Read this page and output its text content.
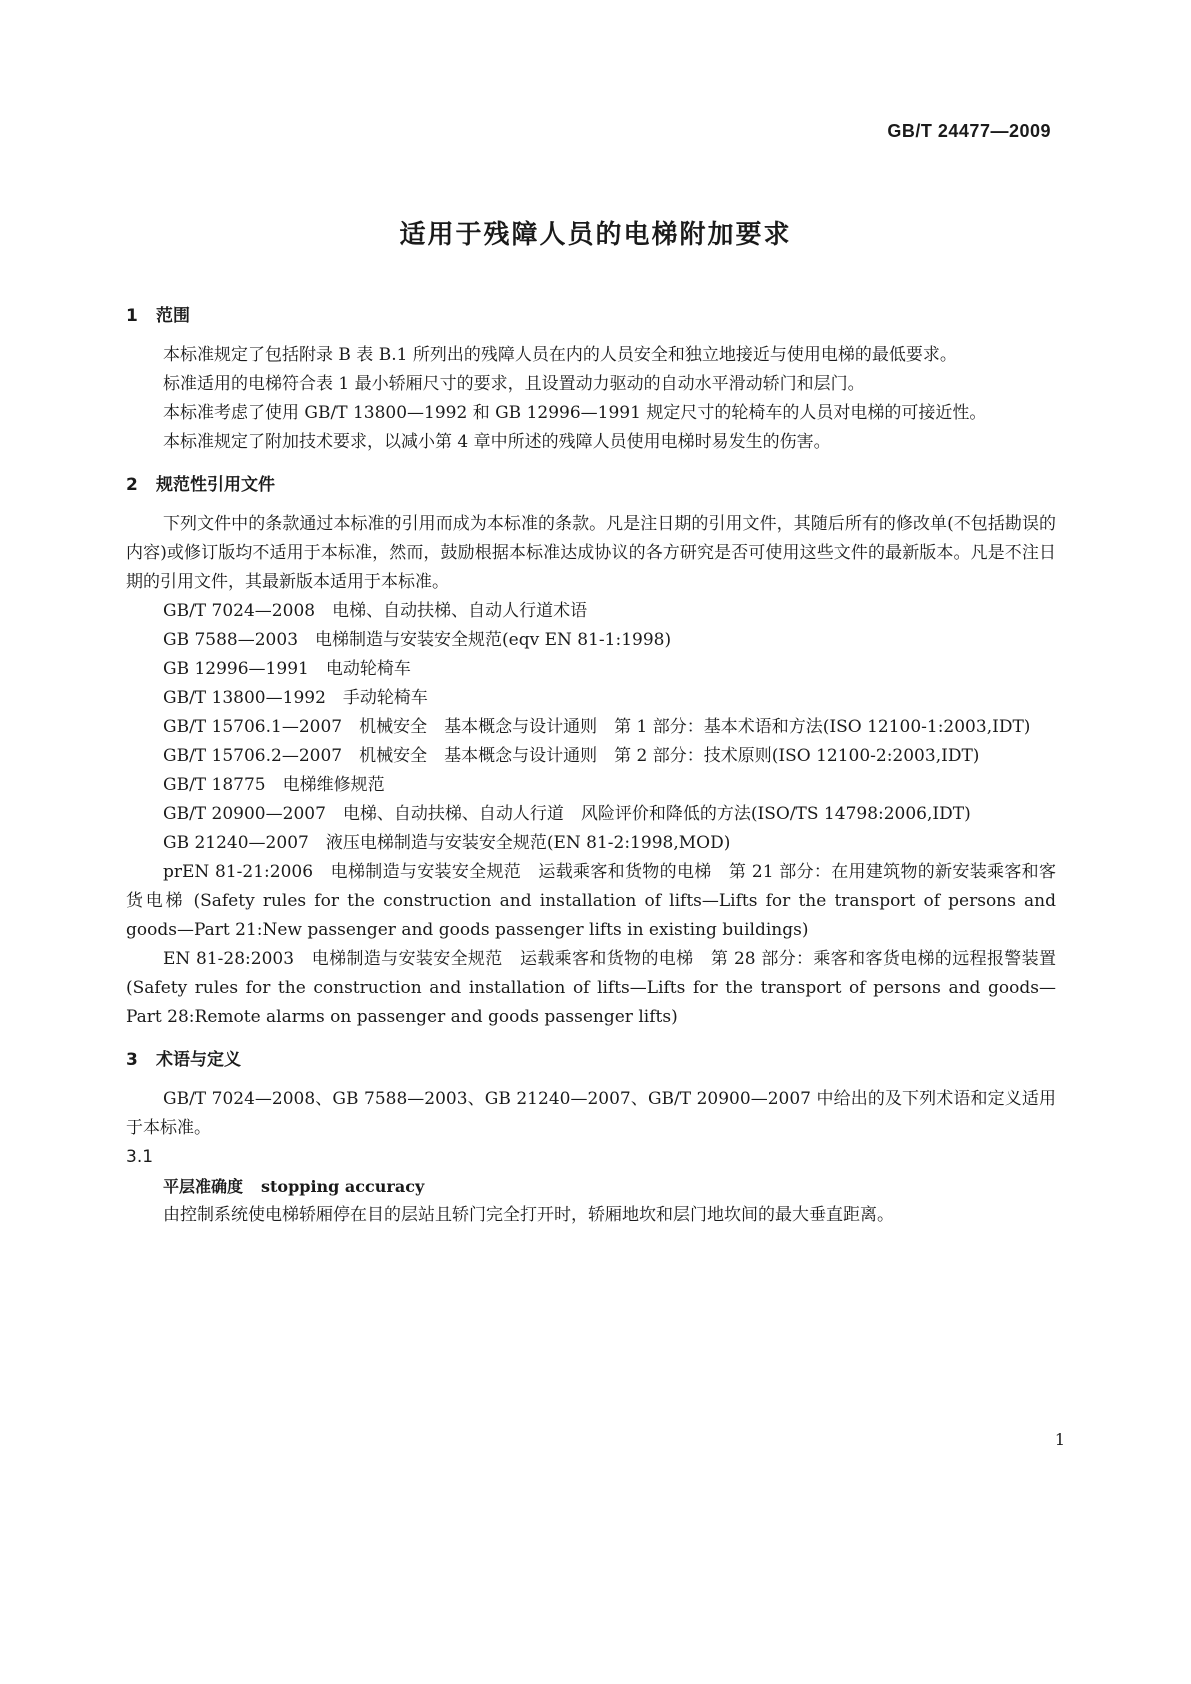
GB/T 24477—2009
适用于残障人员的电梯附加要求
1 范围

本标准规定了包括附录 B 表 B.1 所列出的残障人员在内的人员安全和独立地接近与使用电梯的最低要求。

标准适用的电梯符合表 1 最小轿厢尺寸的要求，且设置动力驱动的自动水平滑动轿门和层门。

本标准考虑了使用 GB/T 13800—1992 和 GB 12996—1991 规定尺寸的轮椅车的人员对电梯的可接近性。

本标准规定了附加技术要求，以减小第 4 章中所述的残障人员使用电梯时易发生的伤害。

2 规范性引用文件

下列文件中的条款通过本标准的引用而成为本标准的条款。凡是注日期的引用文件，其随后所有的修改单(不包括勘误的内容)或修订版均不适用于本标准，然而，鼓励根据本标准达成协议的各方研究是否可使用这些文件的最新版本。凡是不注日期的引用文件，其最新版本适用于本标准。

GB/T 7024—2008　电梯、自动扶梯、自动人行道术语

GB 7588—2003　电梯制造与安装安全规范(eqv EN 81-1:1998)

GB 12996—1991　电动轮椅车

GB/T 13800—1992　手动轮椅车

GB/T 15706.1—2007　机械安全　基本概念与设计通则　第 1 部分：基本术语和方法(ISO 12100-1:2003,IDT)

GB/T 15706.2—2007　机械安全　基本概念与设计通则　第 2 部分：技术原则(ISO 12100-2:2003,IDT)

GB/T 18775　电梯维修规范

GB/T 20900—2007　电梯、自动扶梯、自动人行道　风险评价和降低的方法(ISO/TS 14798:2006,IDT)

GB 21240—2007　液压电梯制造与安装安全规范(EN 81-2:1998,MOD)

prEN 81-21:2006　电梯制造与安装安全规范　运载乘客和货物的电梯　第 21 部分：在用建筑物的新安装乘客和客货电梯 (Safety rules for the construction and installation of lifts—Lifts for the transport of persons and goods—Part 21:New passenger and goods passenger lifts in existing buildings)

EN 81-28:2003　电梯制造与安装安全规范　运载乘客和货物的电梯　第 28 部分：乘客和客货电梯的远程报警装置(Safety rules for the construction and installation of lifts—Lifts for the transport of persons and goods—Part 28:Remote alarms on passenger and goods passenger lifts)

3 术语与定义

GB/T 7024—2008、GB 7588—2003、GB 21240—2007、GB/T 20900—2007 中给出的及下列术语和定义适用于本标准。

3.1

平层准确度 stopping accuracy

由控制系统使电梯轿厢停在目的层站且轿门完全打开时，轿厢地坎和层门地坎间的最大垂直距离。

1
